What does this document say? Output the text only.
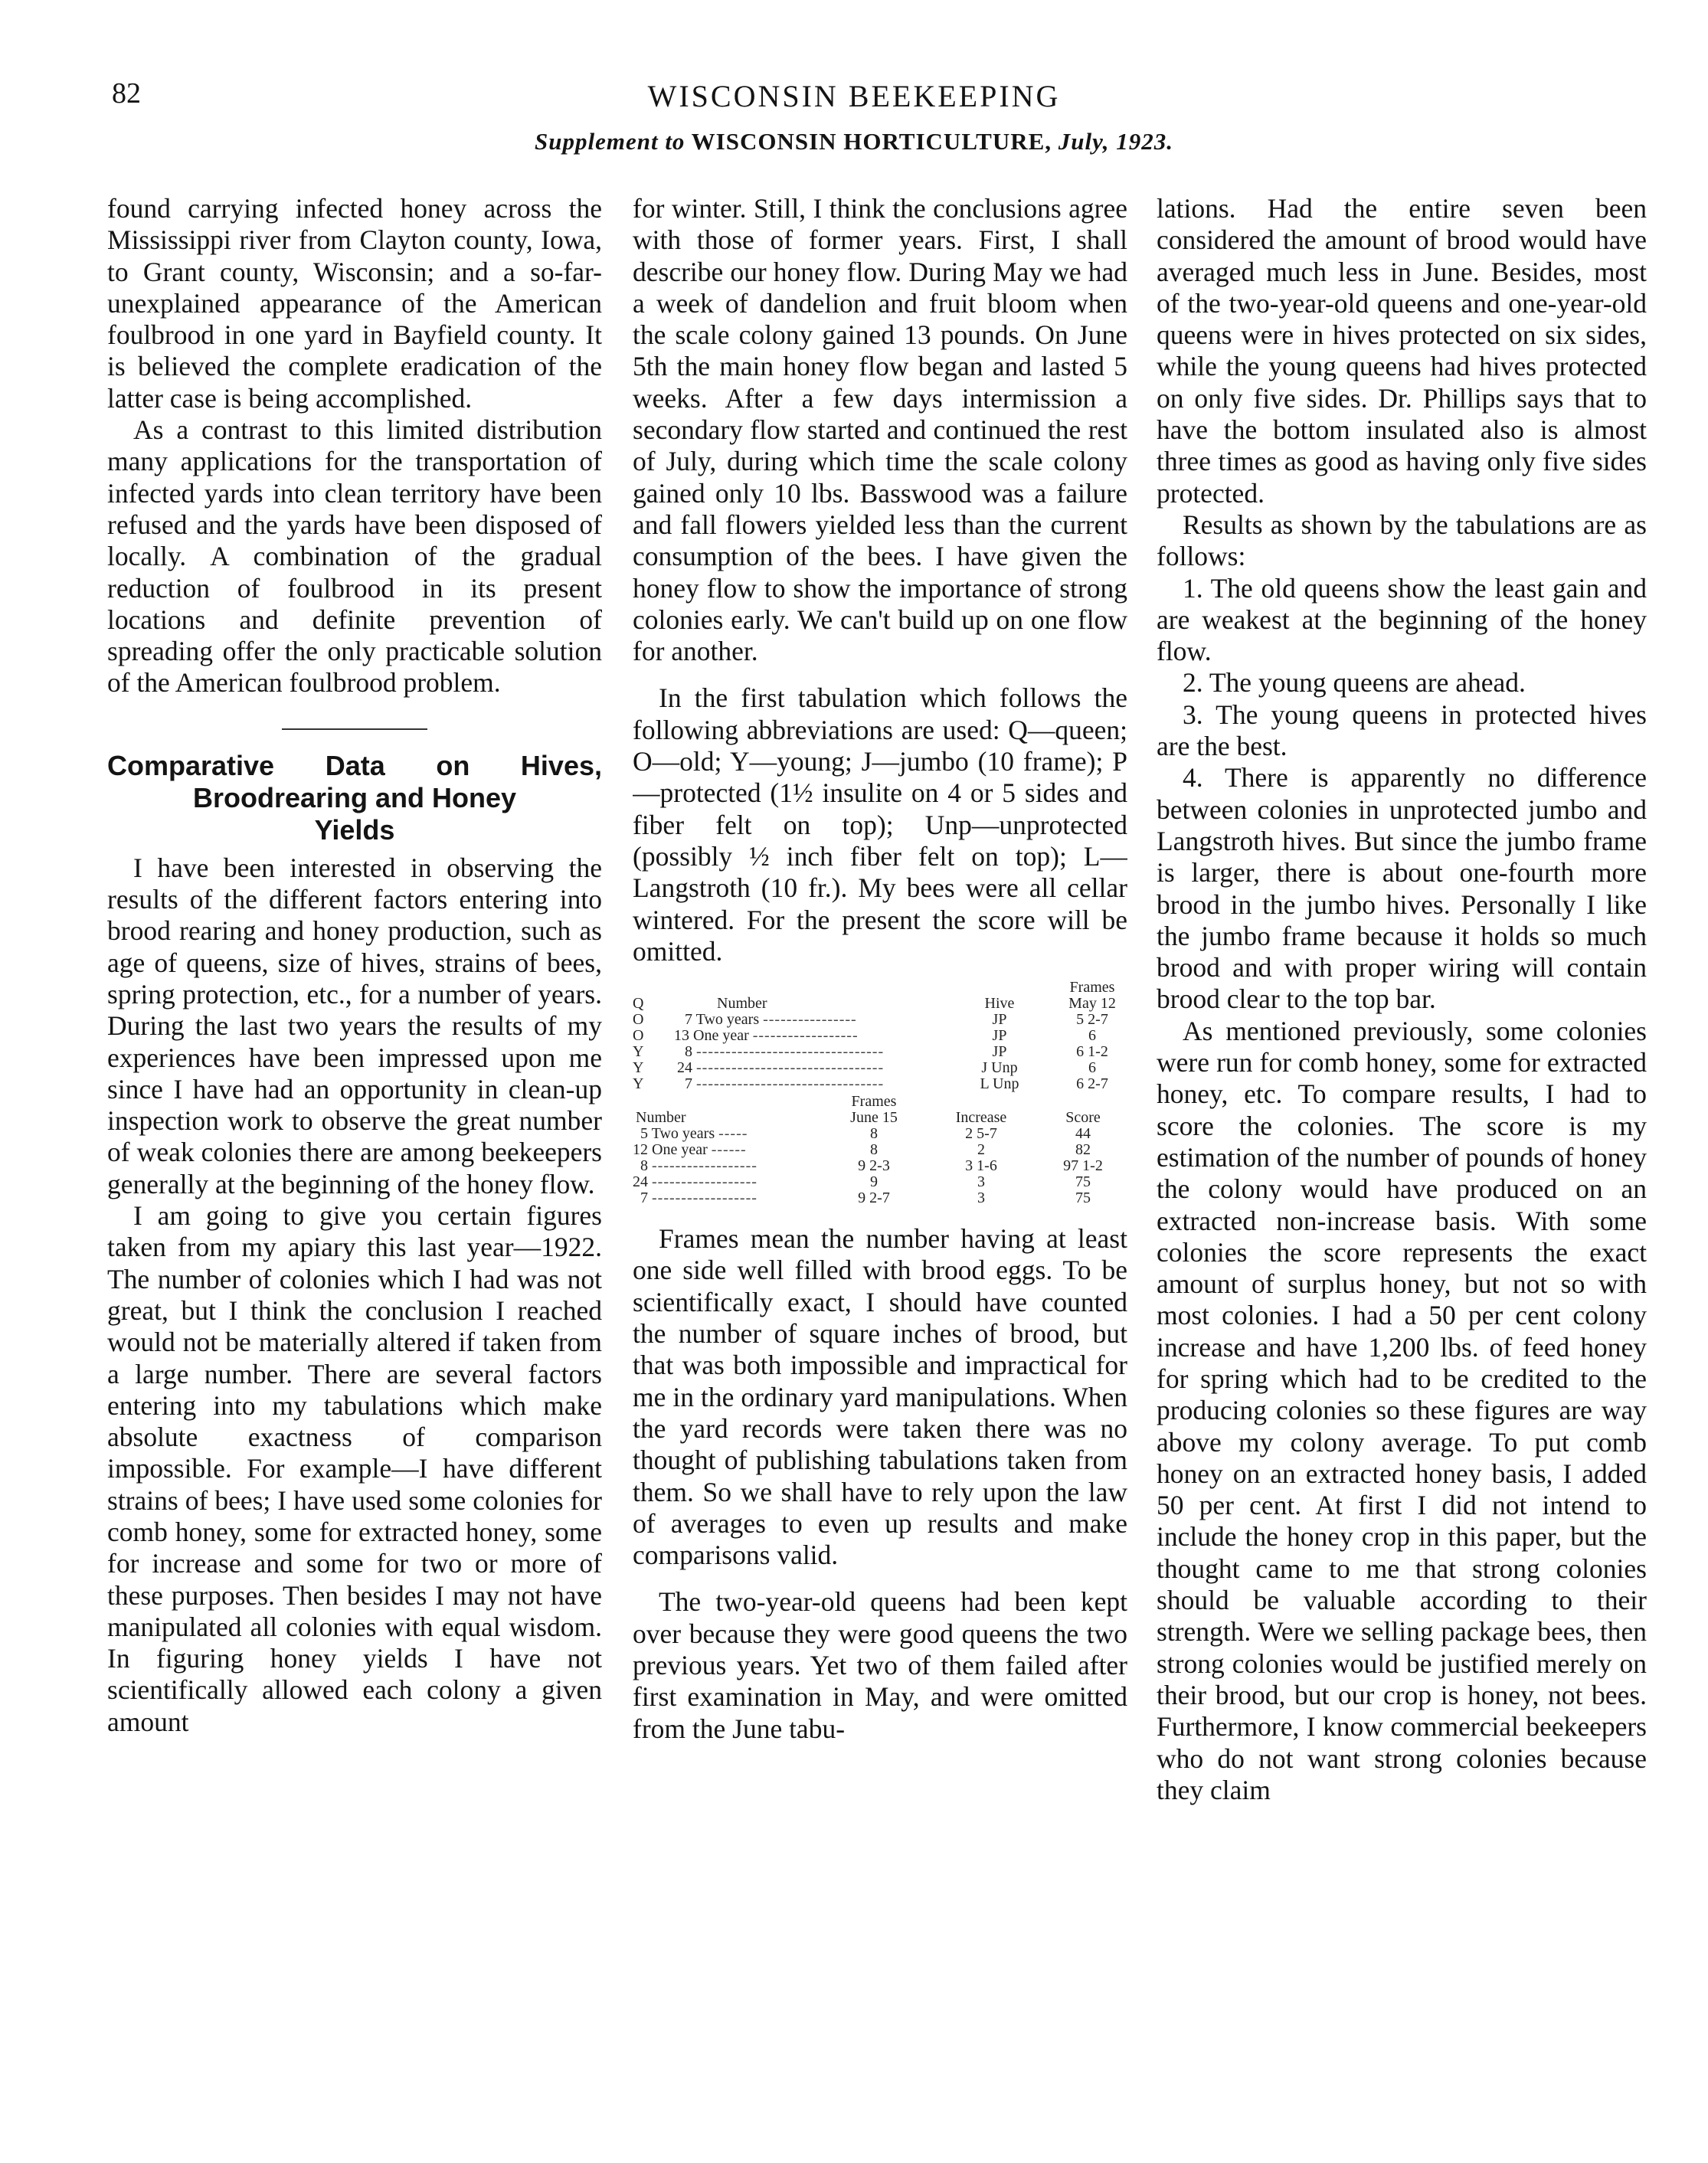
82	WISCONSIN BEEKEEPING
Supplement to WISCONSIN HORTICULTURE, July, 1923.

found carrying infected honey across the Mississippi river from Clayton county, Iowa, to Grant county, Wisconsin; and a so-far-unexplained appearance of the American foulbrood in one yard in Bayfield county. It is believed the complete eradication of the latter case is being accomplished.

As a contrast to this limited distribution many applications for the transportation of infected yards into clean territory have been refused and the yards have been disposed of locally. A combination of the gradual reduction of foulbrood in its present locations and definite prevention of spreading offer the only practicable solution of the American foulbrood problem.

Comparative Data on Hives,
Broodrearing and Honey
Yields

I have been interested in observing the results of the different factors entering into brood rearing and honey production, such as age of queens, size of hives, strains of bees, spring protection, etc., for a number of years. During the last two years the results of my experiences have been impressed upon me since I have had an opportunity in clean-up inspection work to observe the great number of weak colonies there are among beekeepers generally at the beginning of the honey flow.

I am going to give you certain figures taken from my apiary this last year—1922. The number of colonies which I had was not great, but I think the conclusion I reached would not be materially altered if taken from a large number. There are several factors entering into my tabulations which make absolute exactness of comparison impossible. For example—I have different strains of bees; I have used some colonies for comb honey, some for extracted honey, some for increase and some for two or more of these purposes. Then besides I may not have manipulated all colonies with equal wisdom. In figuring honey yields I have not scientifically allowed each colony a given amount

for winter. Still, I think the conclusions agree with those of former years. First, I shall describe our honey flow. During May we had a week of dandelion and fruit bloom when the scale colony gained 13 pounds. On June 5th the main honey flow began and lasted 5 weeks. After a few days intermission a secondary flow started and continued the rest of July, during which time the scale colony gained only 10 lbs. Basswood was a failure and fall flowers yielded less than the current consumption of the bees. I have given the honey flow to show the importance of strong colonies early. We can't build up on one flow for another.

In the first tabulation which follows the following abbreviations are used: Q—queen; O—old; Y—young; J—jumbo (10 frame); P—protected (1½ insulite on 4 or 5 sides and fiber felt on top); Unp—unprotected (possibly ½ inch fiber felt on top); L—Langstroth (10 fr.). My bees were all cellar wintered. For the present the score will be omitted.

			Frames
Q	Number	Hive	May 12
O	7 Two years ----------------	JP	5 2-7
O	13 One year ------------------	JP	6
Y	8 --------------------------------	JP	6 1-2
Y	24 --------------------------------	J Unp	6
Y	7 --------------------------------	L Unp	6 2-7
	Frames		
Number	June 15	Increase	Score
5 Two years -----	8	2 5-7	44
12 One year ------	8	2	82
8 ------------------	9 2-3	3 1-6	97 1-2
24 ------------------	9	3	75
7 ------------------	9 2-7	3	75

Frames mean the number having at least one side well filled with brood eggs. To be scientifically exact, I should have counted the number of square inches of brood, but that was both impossible and impractical for me in the ordinary yard manipulations. When the yard records were taken there was no thought of publishing tabulations taken from them. So we shall have to rely upon the law of averages to even up results and make comparisons valid.

The two-year-old queens had been kept over because they were good queens the two previous years. Yet two of them failed after first examination in May, and were omitted from the June tabu-

lations. Had the entire seven been considered the amount of brood would have averaged much less in June. Besides, most of the two-year-old queens and one-year-old queens were in hives protected on six sides, while the young queens had hives protected on only five sides. Dr. Phillips says that to have the bottom insulated also is almost three times as good as having only five sides protected.

Results as shown by the tabulations are as follows:

1. The old queens show the least gain and are weakest at the beginning of the honey flow.

2. The young queens are ahead.

3. The young queens in protected hives are the best.

4. There is apparently no difference between colonies in unprotected jumbo and Langstroth hives. But since the jumbo frame is larger, there is about one-fourth more brood in the jumbo hives. Personally I like the jumbo frame because it holds so much brood and with proper wiring will contain brood clear to the top bar.

As mentioned previously, some colonies were run for comb honey, some for extracted honey, etc. To compare results, I had to score the colonies. The score is my estimation of the number of pounds of honey the colony would have produced on an extracted non-increase basis. With some colonies the score represents the exact amount of surplus honey, but not so with most colonies. I had a 50 per cent colony increase and have 1,200 lbs. of feed honey for spring which had to be credited to the producing colonies so these figures are way above my colony average. To put comb honey on an extracted honey basis, I added 50 per cent. At first I did not intend to include the honey crop in this paper, but the thought came to me that strong colonies should be valuable according to their strength. Were we selling package bees, then strong colonies would be justified merely on their brood, but our crop is honey, not bees. Furthermore, I know commercial beekeepers who do not want strong colonies because they claim
